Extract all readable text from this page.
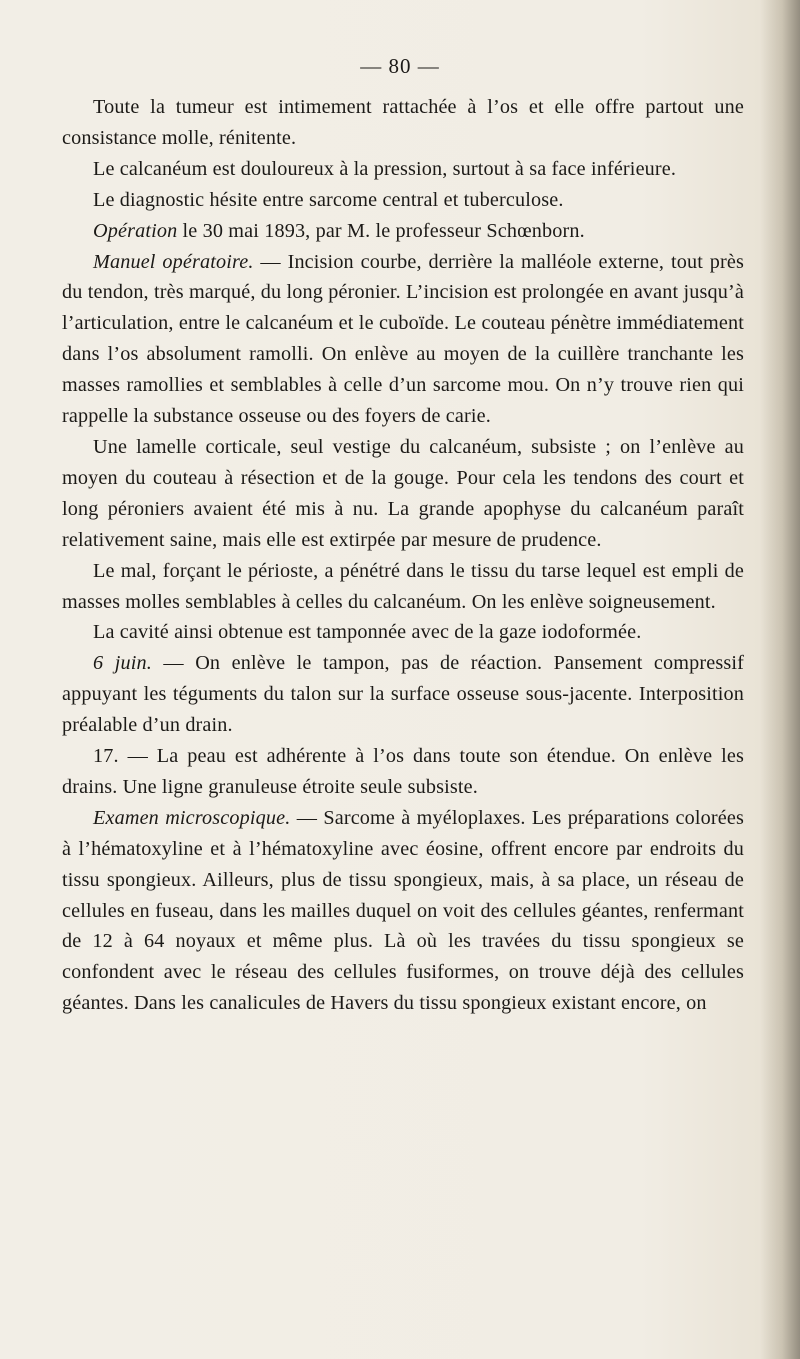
— 80 —

Toute la tumeur est intimement rattachée à l’os et elle offre partout une consistance molle, rénitente.

Le calcanéum est douloureux à la pression, surtout à sa face inférieure.

Le diagnostic hésite entre sarcome central et tuberculose.

Opération le 30 mai 1893, par M. le professeur Schœnborn.

Manuel opératoire. — Incision courbe, derrière la malléole externe, tout près du tendon, très marqué, du long péronier. L’incision est prolongée en avant jusqu’à l’articulation, entre le calcanéum et le cuboïde. Le couteau pénètre immédiatement dans l’os absolument ramolli. On enlève au moyen de la cuillère tranchante les masses ramollies et semblables à celle d’un sarcome mou. On n’y trouve rien qui rappelle la substance osseuse ou des foyers de carie.

Une lamelle corticale, seul vestige du calcanéum, subsiste ; on l’enlève au moyen du couteau à résection et de la gouge. Pour cela les tendons des court et long péroniers avaient été mis à nu. La grande apophyse du calcanéum paraît relativement saine, mais elle est extirpée par mesure de prudence.

Le mal, forçant le périoste, a pénétré dans le tissu du tarse lequel est empli de masses molles semblables à celles du calcanéum. On les enlève soigneusement.

La cavité ainsi obtenue est tamponnée avec de la gaze iodoformée.

6 juin. — On enlève le tampon, pas de réaction. Pansement compressif appuyant les téguments du talon sur la surface osseuse sous-jacente. Interposition préalable d’un drain.

17. — La peau est adhérente à l’os dans toute son étendue. On enlève les drains. Une ligne granuleuse étroite seule subsiste.

Examen microscopique. — Sarcome à myéloplaxes. Les préparations colorées à l’hématoxyline et à l’hématoxyline avec éosine, offrent encore par endroits du tissu spongieux. Ailleurs, plus de tissu spongieux, mais, à sa place, un réseau de cellules en fuseau, dans les mailles duquel on voit des cellules géantes, renfermant de 12 à 64 noyaux et même plus. Là où les travées du tissu spongieux se confondent avec le réseau des cellules fusiformes, on trouve déjà des cellules géantes. Dans les canalicules de Havers du tissu spongieux existant encore, on
